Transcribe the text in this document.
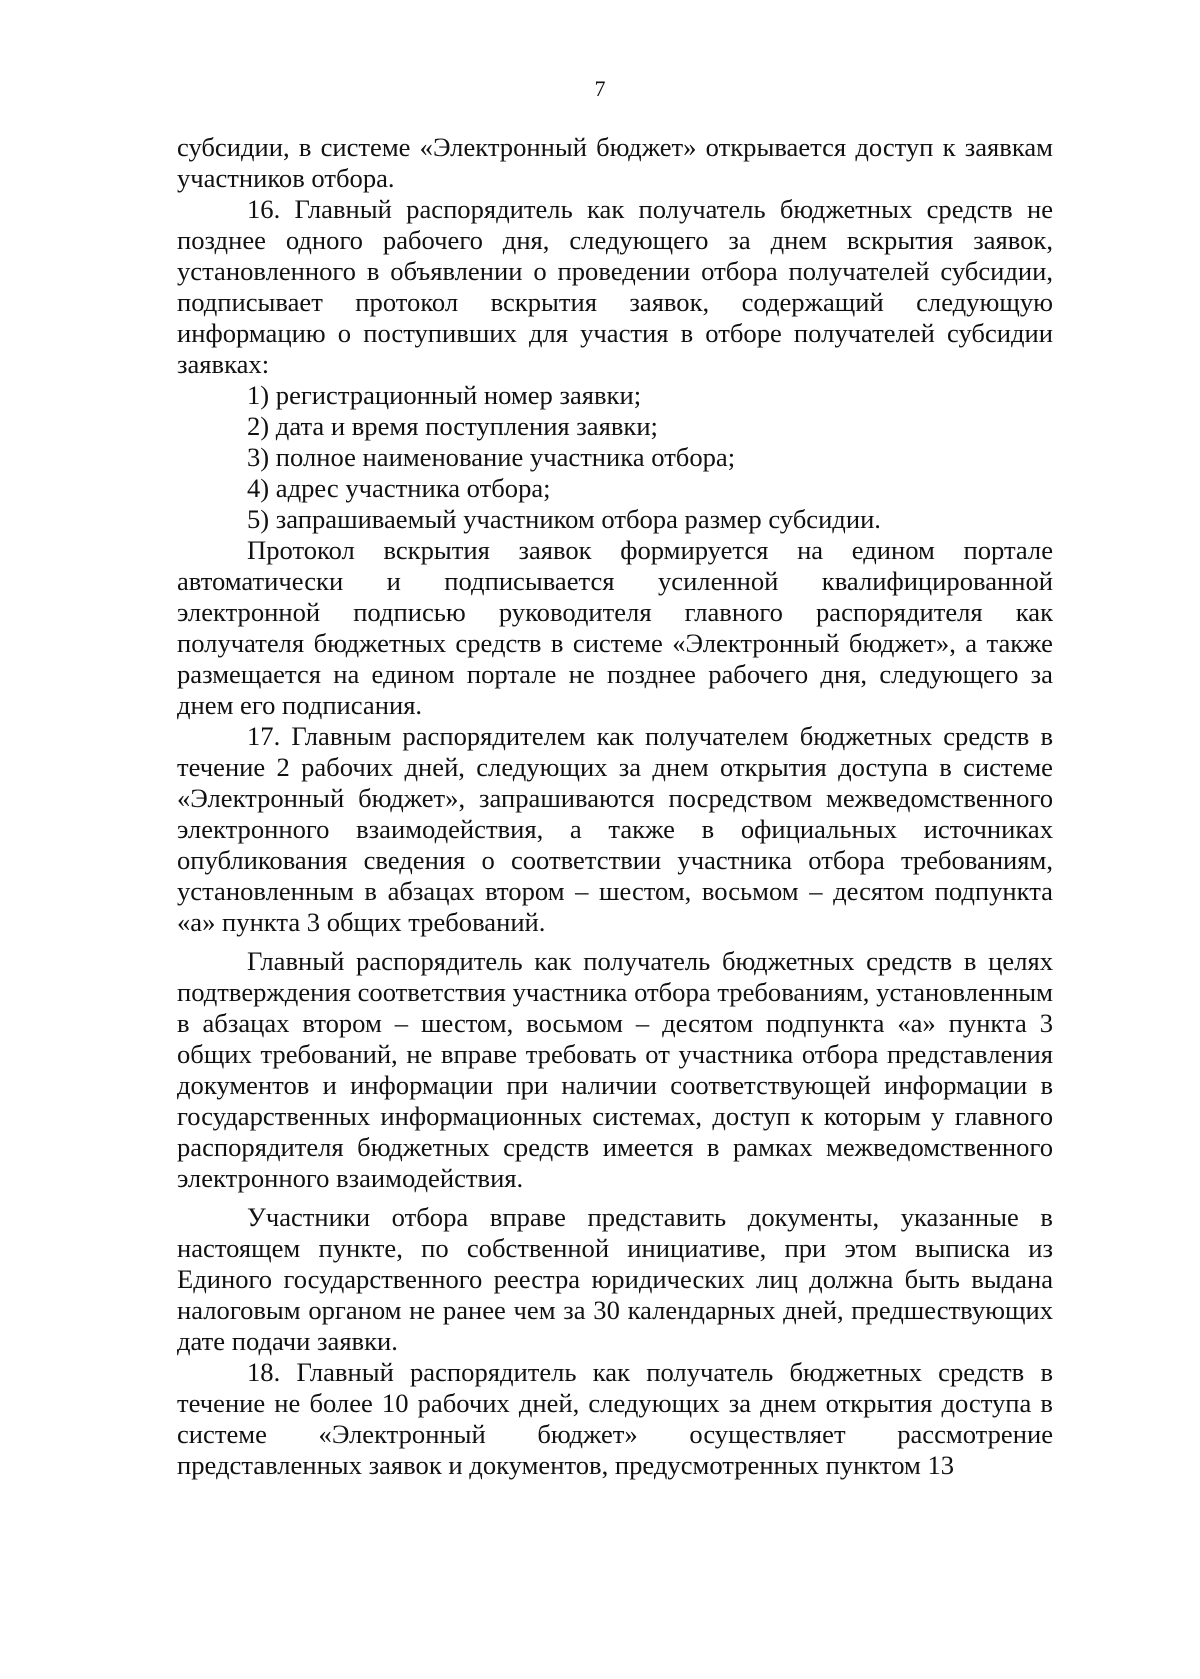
7

субсидии, в системе «Электронный бюджет» открывается доступ к заявкам участников отбора.

16. Главный распорядитель как получатель бюджетных средств не позднее одного рабочего дня, следующего за днем вскрытия заявок, установленного в объявлении о проведении отбора получателей субсидии, подписывает протокол вскрытия заявок, содержащий следующую информацию о поступивших для участия в отборе получателей субсидии заявках:

1) регистрационный номер заявки;

2) дата и время поступления заявки;

3) полное наименование участника отбора;

4) адрес участника отбора;

5) запрашиваемый участником отбора размер субсидии.

Протокол вскрытия заявок формируется на едином портале автоматически и подписывается усиленной квалифицированной электронной подписью руководителя главного распорядителя как получателя бюджетных средств в системе «Электронный бюджет», а также размещается на едином портале не позднее рабочего дня, следующего за днем его подписания.

17. Главным распорядителем как получателем бюджетных средств в течение 2 рабочих дней, следующих за днем открытия доступа в системе «Электронный бюджет», запрашиваются посредством межведомственного электронного взаимодействия, а также в официальных источниках опубликования сведения о соответствии участника отбора требованиям, установленным в абзацах втором – шестом, восьмом – десятом подпункта «а» пункта 3 общих требований.

Главный распорядитель как получатель бюджетных средств в целях подтверждения соответствия участника отбора требованиям, установленным в абзацах втором – шестом, восьмом – десятом подпункта «а» пункта 3 общих требований, не вправе требовать от участника отбора представления документов и информации при наличии соответствующей информации в государственных информационных системах, доступ к которым у главного распорядителя бюджетных средств имеется в рамках межведомственного электронного взаимодействия.

Участники отбора вправе представить документы, указанные в настоящем пункте, по собственной инициативе, при этом выписка из Единого государственного реестра юридических лиц должна быть выдана налоговым органом не ранее чем за 30 календарных дней, предшествующих дате подачи заявки.

18. Главный распорядитель как получатель бюджетных средств в течение не более 10 рабочих дней, следующих за днем открытия доступа в системе «Электронный бюджет» осуществляет рассмотрение представленных заявок и документов, предусмотренных пунктом 13
